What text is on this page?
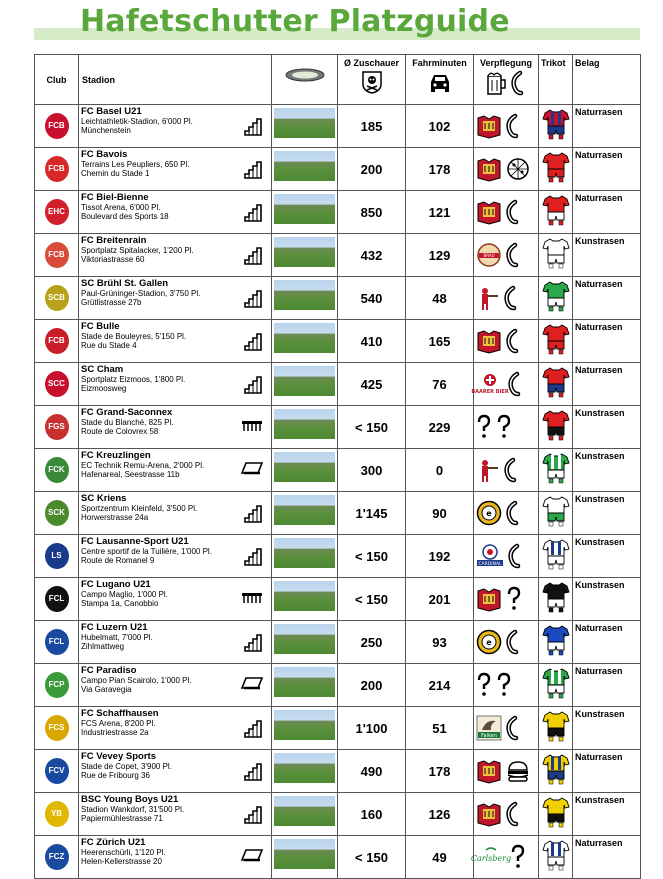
Hafetschutter Platzguide
Club	Stadion		Ø Zuschauer	Fahrminuten	Verpflegung	Trikot	Belag
FCB	FC Basel U21
Leichtathletik-Stadion, 6'000 Pl.
Münchenstein		185	102			Naturrasen
FCB	FC Bavois
Terrains Les Peupliers, 650 Pl.
Chemin du Stade 1		200	178			Naturrasen
EHC	FC Biel-Bienne
Tissot Arena, 6'000 Pl.
Boulevard des Sports 18		850	121			Naturrasen
FCB	FC Breitenrain
Sportplatz Spitalacker, 1'200 Pl.
Viktoriastrasse 60		432	129	BRAU		Kunstrasen
SCB	SC Brühl St. Gallen
Paul-Grüninger-Stadion, 3'750 Pl.
Grütlistrasse 27b		540	48			Naturrasen
FCB	FC Bulle
Stade de Bouleyres, 5'150 Pl.
Rue du Stade 4		410	165			Naturrasen
SCC	SC Cham
Sportplatz Eizmoos, 1'800 Pl.
Eizmoosweg		425	76	BAARER BIER		Naturrasen
FGS	FC Grand-Saconnex
Stade du Blanché, 825 Pl.
Route de Colovrex 58		< 150	229			Kunstrasen
FCK	FC Kreuzlingen
EC Technik Remu-Arena, 2'000 Pl.
Hafenareal, Seestrasse 11b		300	0			Kunstrasen
SCK	SC Kriens
Sportzentrum Kleinfeld, 3'500 Pl.
Horwerstrasse 24a		1'145	90	e		Kunstrasen
LS	FC Lausanne-Sport U21
Centre sportif de la Tuilière, 1'000 Pl.
Route de Romanel 9		< 150	192	CARDINAL		Kunstrasen
FCL	FC Lugano U21
Campo Maglio, 1'000 Pl.
Stampa 1a, Canobbio		< 150	201			Kunstrasen
FCL	FC Luzern U21
Hubelmatt, 7'000 Pl.
Zihlmattweg		250	93	e		Naturrasen
FCP	FC Paradiso
Campo Pian Scairolo, 1'000 Pl.
Via Garavegia		200	214			Naturrasen
FCS	FC Schaffhausen
FCS Arena, 8'200 Pl.
Industriestrasse 2a		1'100	51	Falken		Kunstrasen
FCV	FC Vevey Sports
Stade de Copet, 3'900 Pl.
Rue de Fribourg 36		490	178			Naturrasen
YB	BSC Young Boys U21
Stadion Wankdorf, 31'500 Pl.
Papiermühlestrasse 71		160	126			Kunstrasen
FCZ	FC Zürich U21
Heerenschürli, 1'120 Pl.
Helen-Kellerstrasse 20		< 150	49	Carlsberg		Naturrasen
